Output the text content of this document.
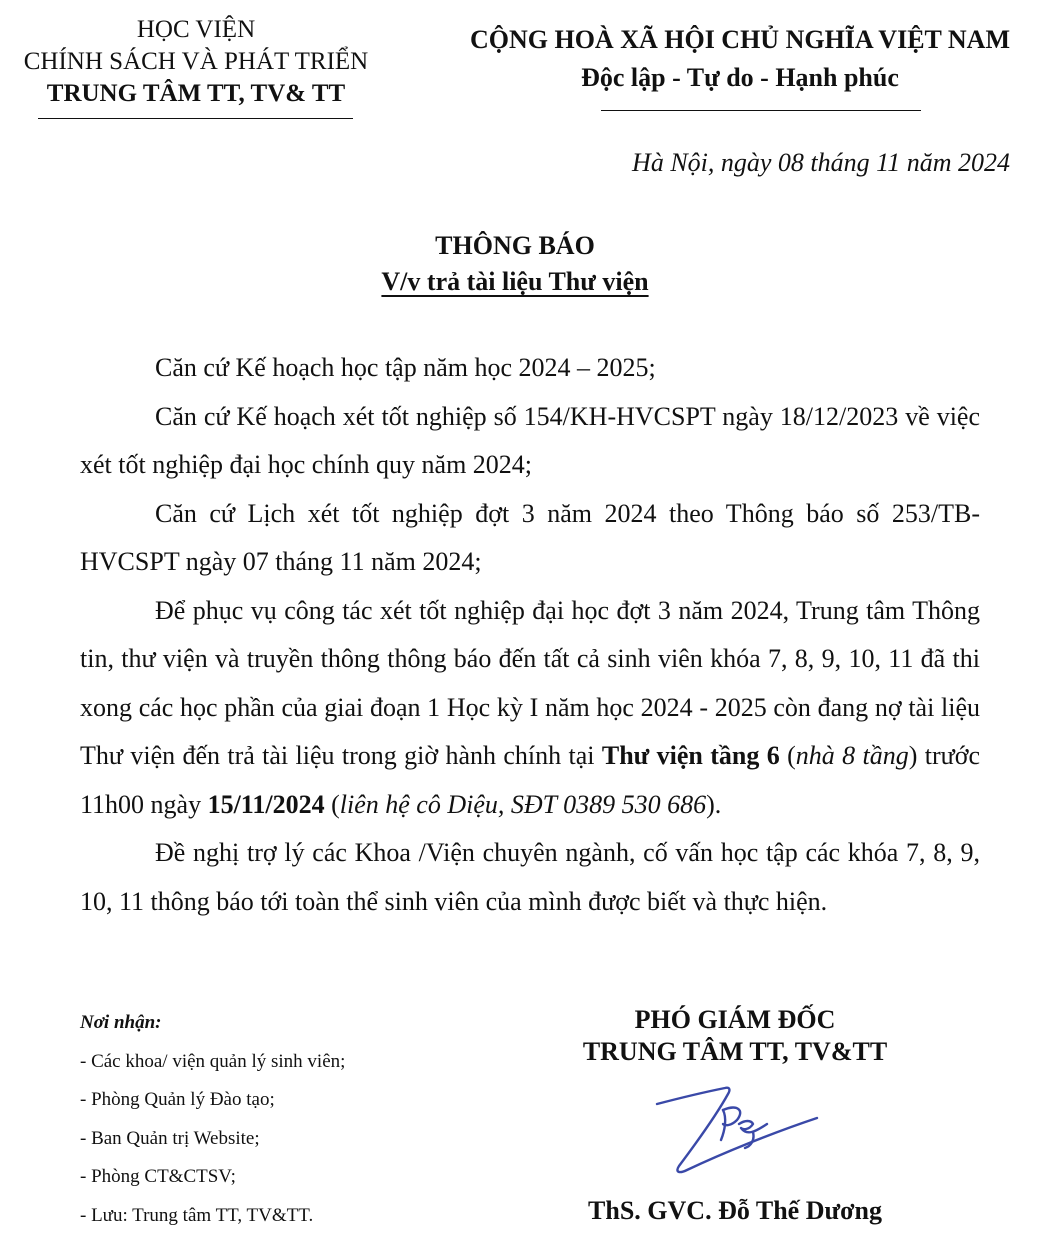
HỌC VIỆN
CHÍNH SÁCH VÀ PHÁT TRIỂN
TRUNG TÂM TT, TV& TT
CỘNG HOÀ XÃ HỘI CHỦ NGHĨA VIỆT NAM
Độc lập - Tự do - Hạnh phúc
Hà Nội, ngày 08 tháng 11 năm 2024
THÔNG BÁO
V/v trả tài liệu Thư viện

Căn cứ Kế hoạch học tập năm học 2024 – 2025;

Căn cứ Kế hoạch xét tốt nghiệp số 154/KH-HVCSPT ngày 18/12/2023 về việc xét tốt nghiệp đại học chính quy năm 2024;

Căn cứ Lịch xét tốt nghiệp đợt 3 năm 2024 theo Thông báo số 253/TB-HVCSPT ngày 07 tháng 11 năm 2024;

Để phục vụ công tác xét tốt nghiệp đại học đợt 3 năm 2024, Trung tâm Thông tin, thư viện và truyền thông thông báo đến tất cả sinh viên khóa 7, 8, 9, 10, 11 đã thi xong các học phần của giai đoạn 1 Học kỳ I năm học 2024 - 2025 còn đang nợ tài liệu Thư viện đến trả tài liệu trong giờ hành chính tại Thư viện tầng 6 (nhà 8 tầng) trước 11h00 ngày 15/11/2024 (liên hệ cô Diệu, SĐT 0389 530 686).

Đề nghị trợ lý các Khoa /Viện chuyên ngành, cố vấn học tập các khóa 7, 8, 9, 10, 11 thông báo tới toàn thể sinh viên của mình được biết và thực hiện.

Nơi nhận:
- Các khoa/ viện quản lý sinh viên;
- Phòng Quản lý Đào tạo;
- Ban Quản trị Website;
- Phòng CT&CTSV;
- Lưu: Trung tâm TT, TV&TT.
PHÓ GIÁM ĐỐC
TRUNG TÂM TT, TV&TT
ThS. GVC. Đỗ Thế Dương
